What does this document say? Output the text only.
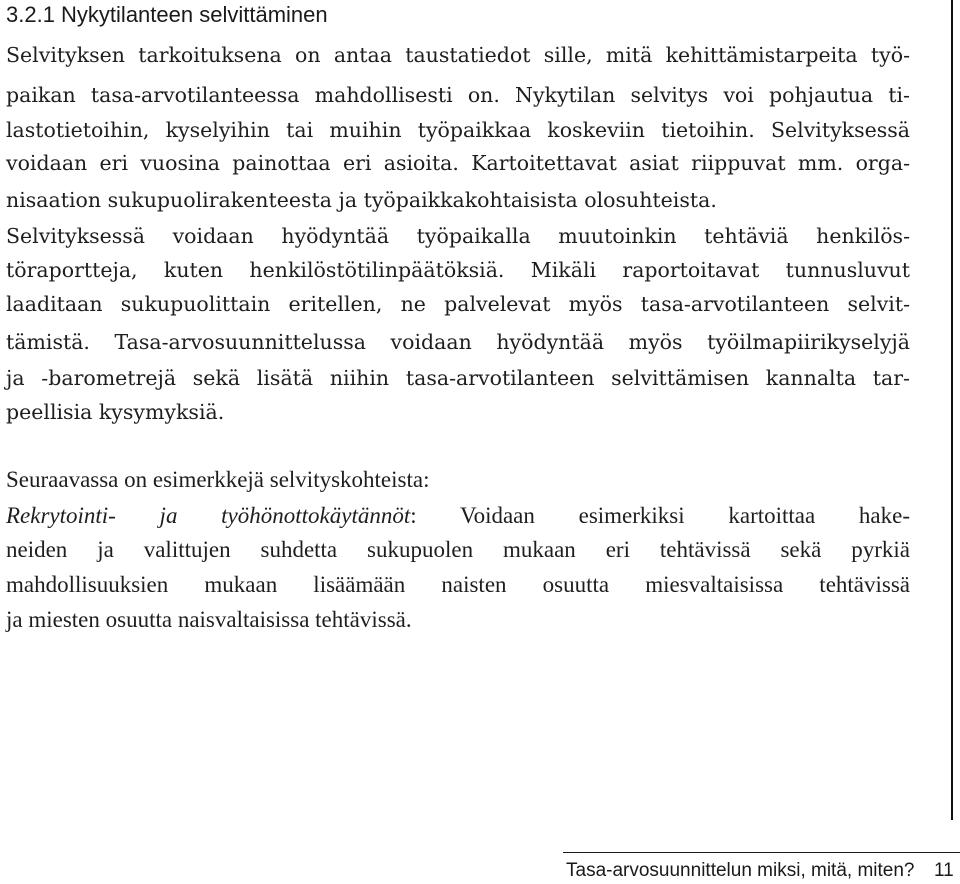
3.2.1 Nykytilanteen selvittäminen
Selvityksen tarkoituksena on antaa taustatiedot sille, mitä kehittämistarpeita työ-
paikan tasa-arvotilanteessa mahdollisesti on. Nykytilan selvitys voi pohjautua ti-
lastotietoihin, kyselyihin tai muihin työpaikkaa koskeviin tietoihin. Selvityksessä
voidaan eri vuosina painottaa eri asioita. Kartoitettavat asiat riippuvat mm. orga-
nisaation sukupuolirakenteesta ja työpaikkakohtaisista olosuhteista.
Selvityksessä voidaan hyödyntää työpaikalla muutoinkin tehtäviä henkilös-
töraportteja, kuten henkilöstötilinpäätöksiä. Mikäli raportoitavat tunnusluvut
laaditaan sukupuolittain eritellen, ne palvelevat myös tasa-arvotilanteen selvit-
tämistä. Tasa-arvosuunnittelussa voidaan hyödyntää myös työilmapiirikyselyjä
ja -barometrejä sekä lisätä niihin tasa-arvotilanteen selvittämisen kannalta tar-
peellisia kysymyksiä.
Seuraavassa on esimerkkejä selvityskohteista:
Rekrytointi- ja työhönottokäytännöt: Voidaan esimerkiksi kartoittaa hake-
neiden ja valittujen suhdetta sukupuolen mukaan eri tehtävissä sekä pyrkiä
mahdollisuuksien mukaan lisäämään naisten osuutta miesvaltaisissa tehtävissä
ja miesten osuutta naisvaltaisissa tehtävissä.
Tasa-arvosuunnittelun miksi, mitä, miten? 11
